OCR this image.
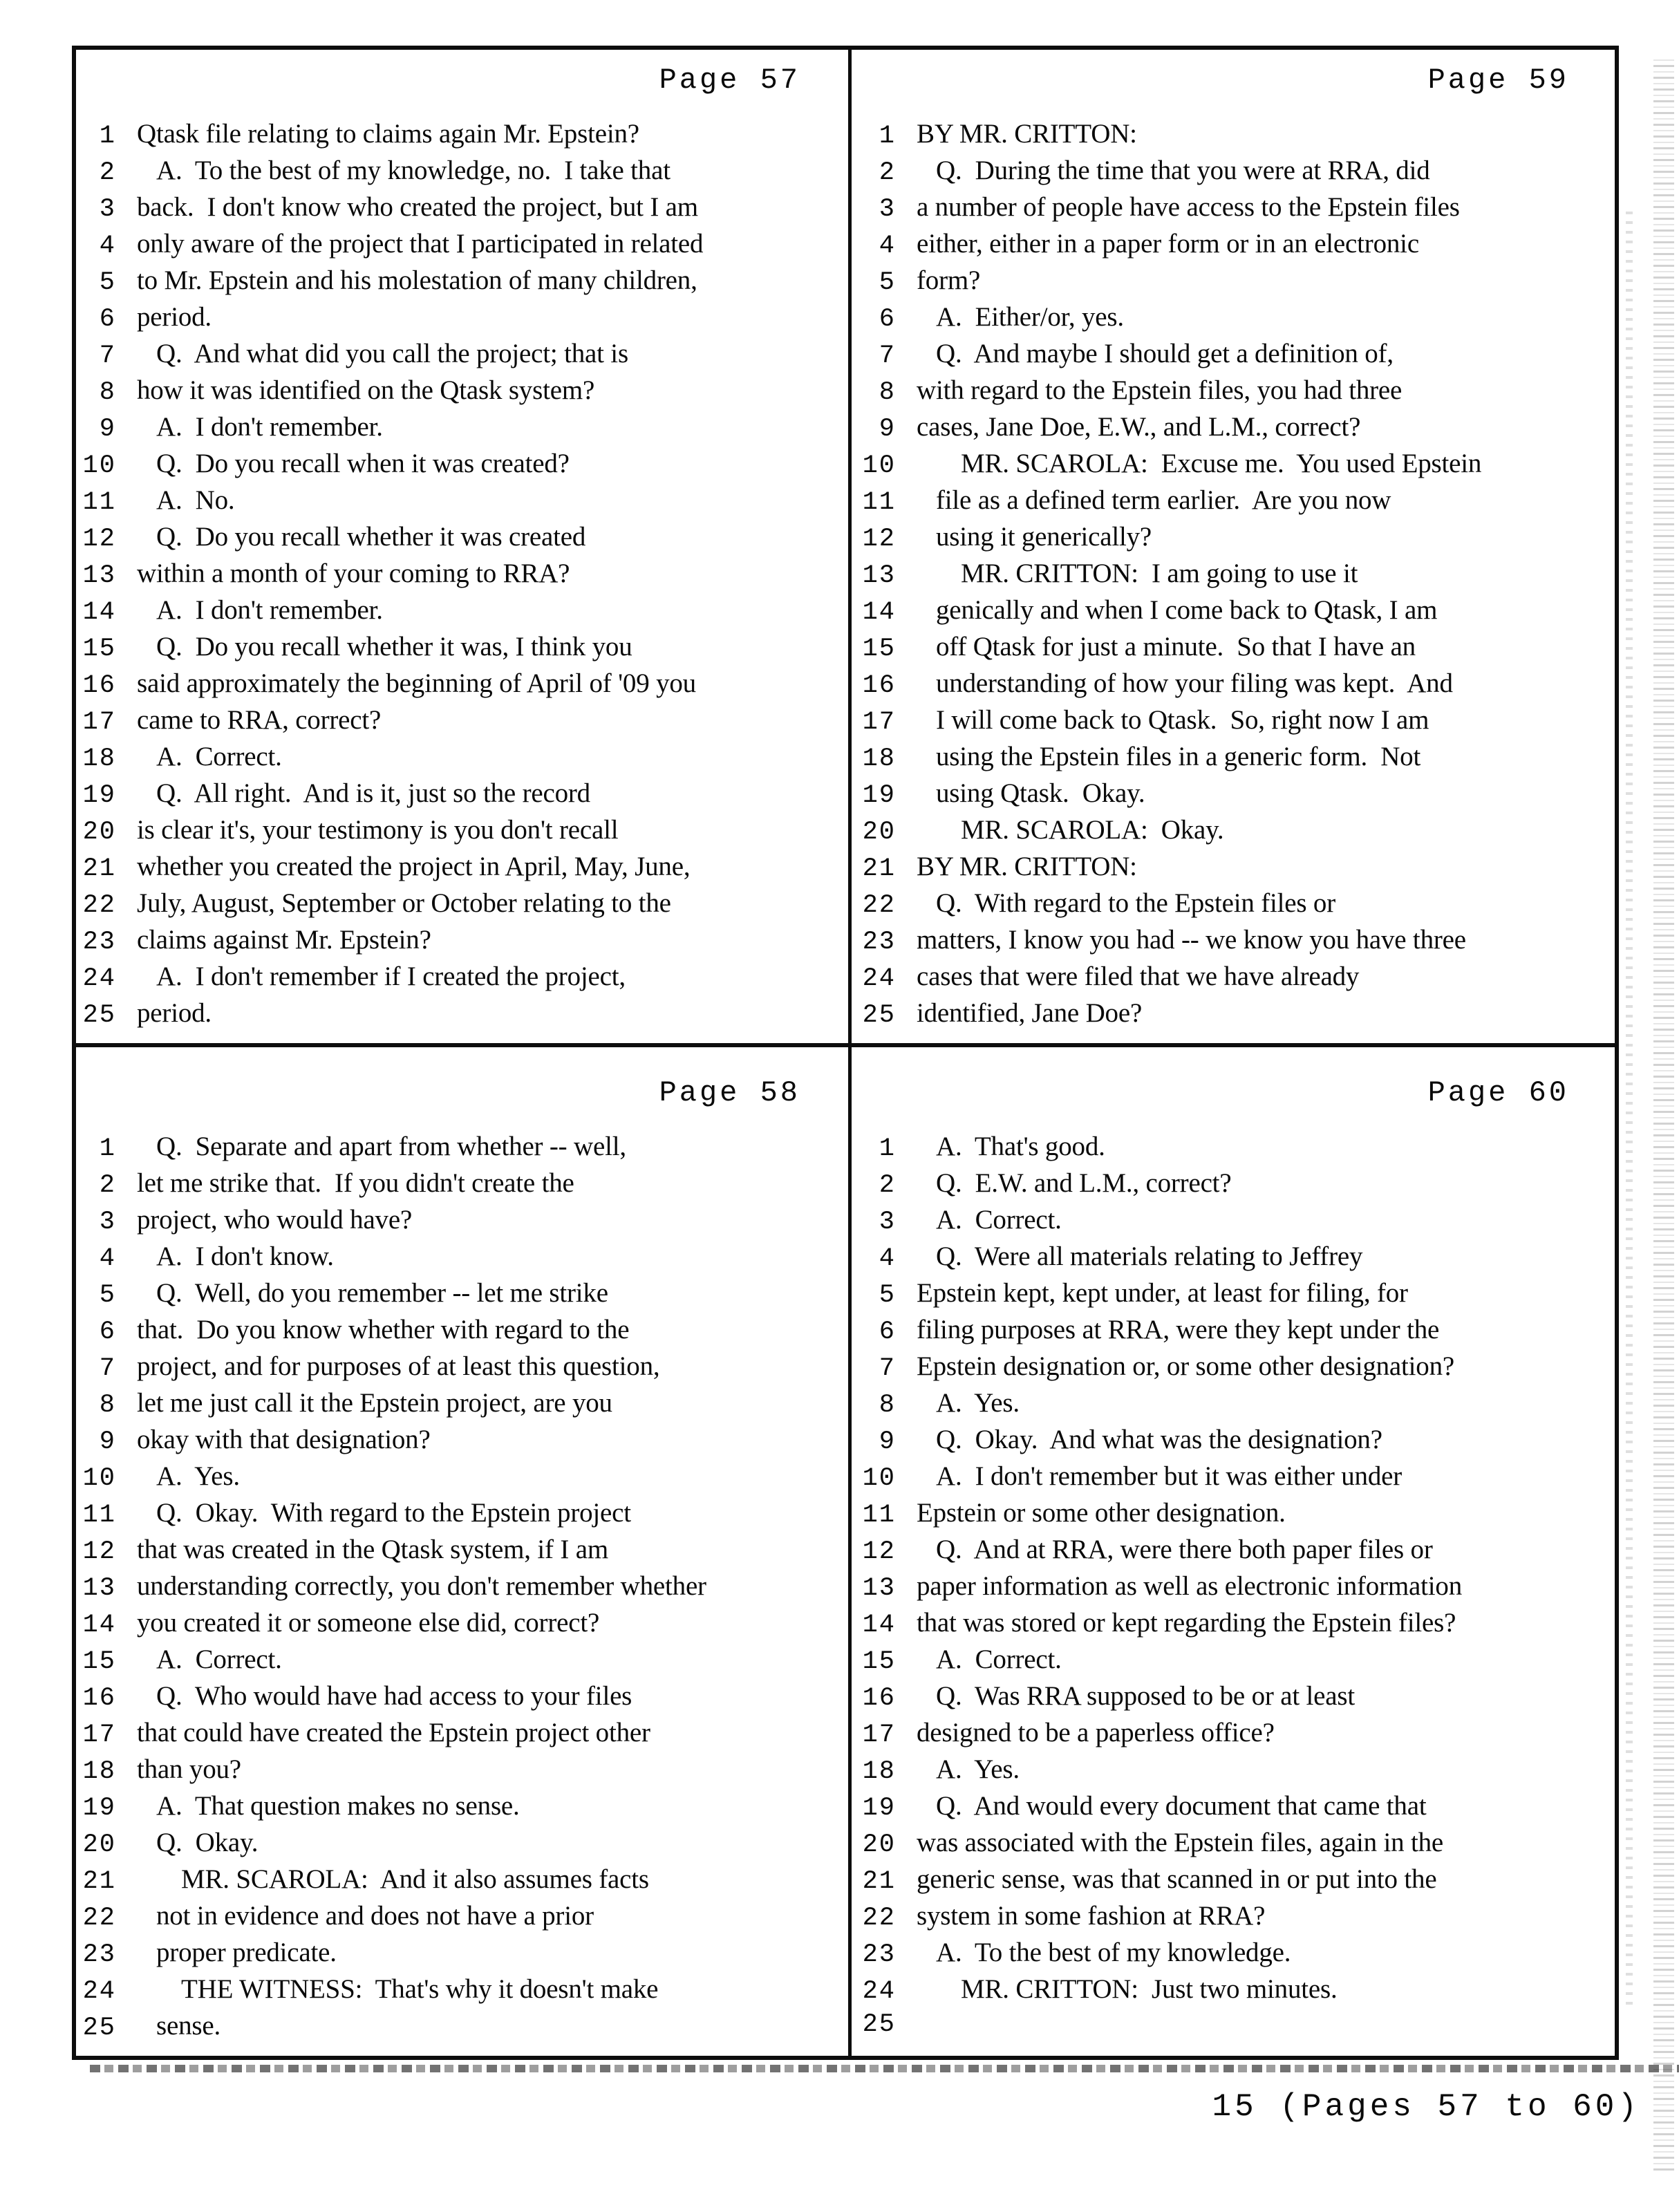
Page 57
1 Qtask file relating to claims again Mr. Epstein?
2	A.  To the best of my knowledge, no.  I take that
3 back.  I don't know who created the project, but I am
4 only aware of the project that I participated in related
5 to Mr. Epstein and his molestation of many children,
6 period.
7	Q.  And what did you call the project; that is
8 how it was identified on the Qtask system?
9	A.  I don't remember.
10	Q.  Do you recall when it was created?
11	A.  No.
12	Q.  Do you recall whether it was created
13 within a month of your coming to RRA?
14	A.  I don't remember.
15	Q.  Do you recall whether it was, I think you
16 said approximately the beginning of April of '09 you
17 came to RRA, correct?
18	A.  Correct.
19	Q.  All right.  And is it, just so the record
20 is clear it's, your testimony is you don't recall
21 whether you created the project in April, May, June,
22 July, August, September or October relating to the
23 claims against Mr. Epstein?
24	A.  I don't remember if I created the project,
25 period.
Page 59
1 BY MR. CRITTON:
2	Q.  During the time that you were at RRA, did
3 a number of people have access to the Epstein files
4 either, either in a paper form or in an electronic
5 form?
6	A.  Either/or, yes.
7	Q.  And maybe I should get a definition of,
8 with regard to the Epstein files, you had three
9 cases, Jane Doe, E.W., and L.M., correct?
10	MR. SCAROLA:  Excuse me.  You used Epstein
11	file as a defined term earlier.  Are you now
12	using it generically?
13	MR. CRITTON:  I am going to use it
14	genically and when I come back to Qtask, I am
15	off Qtask for just a minute.  So that I have an
16	understanding of how your filing was kept.  And
17	I will come back to Qtask.  So, right now I am
18	using the Epstein files in a generic form.  Not
19	using Qtask.  Okay.
20	MR. SCAROLA:  Okay.
21 BY MR. CRITTON:
22	Q.  With regard to the Epstein files or
23 matters, I know you had -- we know you have three
24 cases that were filed that we have already
25 identified, Jane Doe?
Page 58
1	Q.  Separate and apart from whether -- well,
2 let me strike that.  If you didn't create the
3 project, who would have?
4	A.  I don't know.
5	Q.  Well, do you remember -- let me strike
6 that.  Do you know whether with regard to the
7 project, and for purposes of at least this question,
8 let me just call it the Epstein project, are you
9 okay with that designation?
10	A.  Yes.
11	Q.  Okay.  With regard to the Epstein project
12 that was created in the Qtask system, if I am
13 understanding correctly, you don't remember whether
14 you created it or someone else did, correct?
15	A.  Correct.
16	Q.  Who would have had access to your files
17 that could have created the Epstein project other
18 than you?
19	A.  That question makes no sense.
20	Q.  Okay.
21	MR. SCAROLA:  And it also assumes facts
22	not in evidence and does not have a prior
23	proper predicate.
24	THE WITNESS:  That's why it doesn't make
25	sense.
Page 60
1	A.  That's good.
2	Q.  E.W. and L.M., correct?
3	A.  Correct.
4	Q.  Were all materials relating to Jeffrey
5 Epstein kept, kept under, at least for filing, for
6 filing purposes at RRA, were they kept under the
7 Epstein designation or, or some other designation?
8	A.  Yes.
9	Q.  Okay.  And what was the designation?
10	A.  I don't remember but it was either under
11 Epstein or some other designation.
12	Q.  And at RRA, were there both paper files or
13 paper information as well as electronic information
14 that was stored or kept regarding the Epstein files?
15	A.  Correct.
16	Q.  Was RRA supposed to be or at least
17 designed to be a paperless office?
18	A.  Yes.
19	Q.  And would every document that came that
20 was associated with the Epstein files, again in the
21 generic sense, was that scanned in or put into the
22 system in some fashion at RRA?
23	A.  To the best of my knowledge.
24	MR. CRITTON:  Just two minutes.
25
15 (Pages 57 to 60)
